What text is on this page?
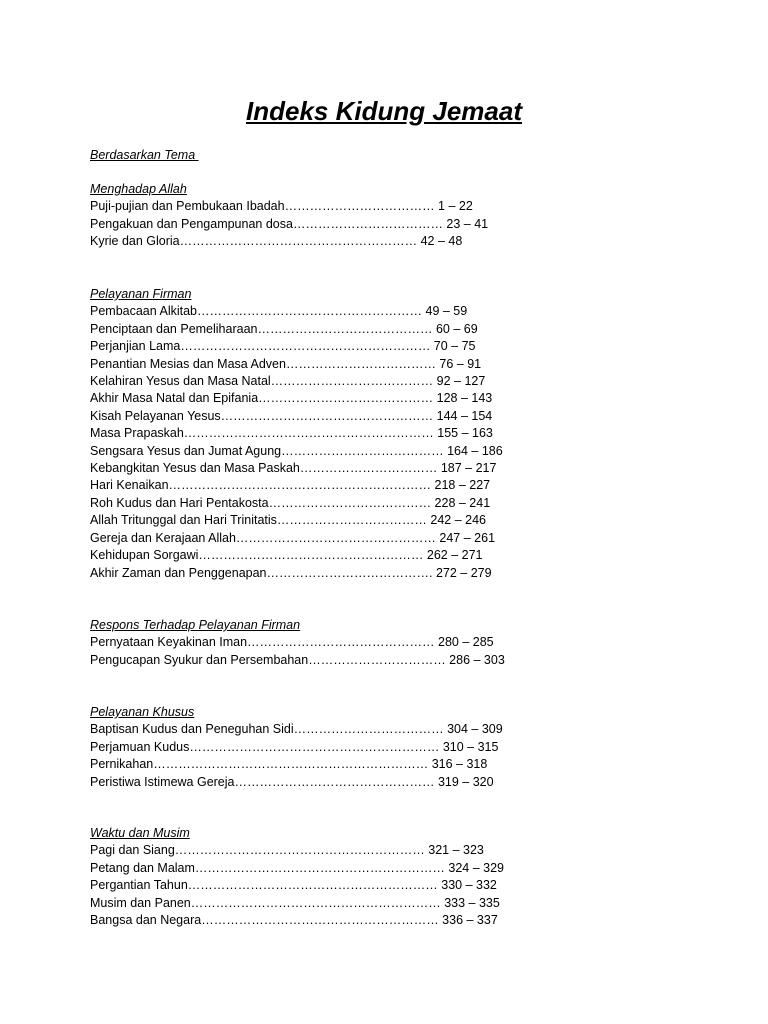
Indeks Kidung Jemaat
Berdasarkan Tema
Menghadap Allah
Puji-pujian dan Pembukaan Ibadah……………………………… 1 – 22
Pengakuan dan Pengampunan dosa……………………………… 23 – 41
Kyrie dan Gloria………………………………………………… 42 – 48
Pelayanan Firman
Pembacaan Alkitab……………………………………………… 49 – 59
Penciptaan dan Pemeliharaan…………………………………… 60 – 69
Perjanjian Lama…………………………………………………… 70 – 75
Penantian Mesias dan Masa Adven……………………………… 76 – 91
Kelahiran Yesus dan Masa Natal………………………………… 92 – 127
Akhir Masa Natal dan Epifania…………………………………… 128 – 143
Kisah Pelayanan Yesus…………………………………………… 144 – 154
Masa Prapaskah…………………………………………………… 155 – 163
Sengsara Yesus dan Jumat Agung………………………………… 164 – 186
Kebangkitan Yesus dan Masa Paskah…………………………… 187 – 217
Hari Kenaikan……………………………………………………… 218 – 227
Roh Kudus dan Hari Pentakosta………………………………… 228 – 241
Allah Tritunggal dan Hari Trinitatis……………………………… 242 – 246
Gereja dan Kerajaan Allah………………………………………… 247 – 261
Kehidupan Sorgawi……………………………………………… 262 – 271
Akhir Zaman dan Penggenapan…………………………………. 272 – 279
Respons Terhadap Pelayanan Firman
Pernyataan Keyakinan Iman……………………………………… 280 – 285
Pengucapan Syukur dan Persembahan…………………………… 286 – 303
Pelayanan Khusus
Baptisan Kudus dan Peneguhan Sidi……………………………… 304 – 309
Perjamuan Kudus…………………………………………………… 310 – 315
Pernikahan………………………………………………………… 316 – 318
Peristiwa Istimewa Gereja………………………………………… 319 – 320
Waktu dan Musim
Pagi dan Siang…………………………………………………… 321 – 323
Petang dan Malam…………………………………………………… 324 – 329
Pergantian Tahun…………………………………………………… 330 – 332
Musim dan Panen…………………………………………………… 333 – 335
Bangsa dan Negara………………………………………………… 336 – 337
